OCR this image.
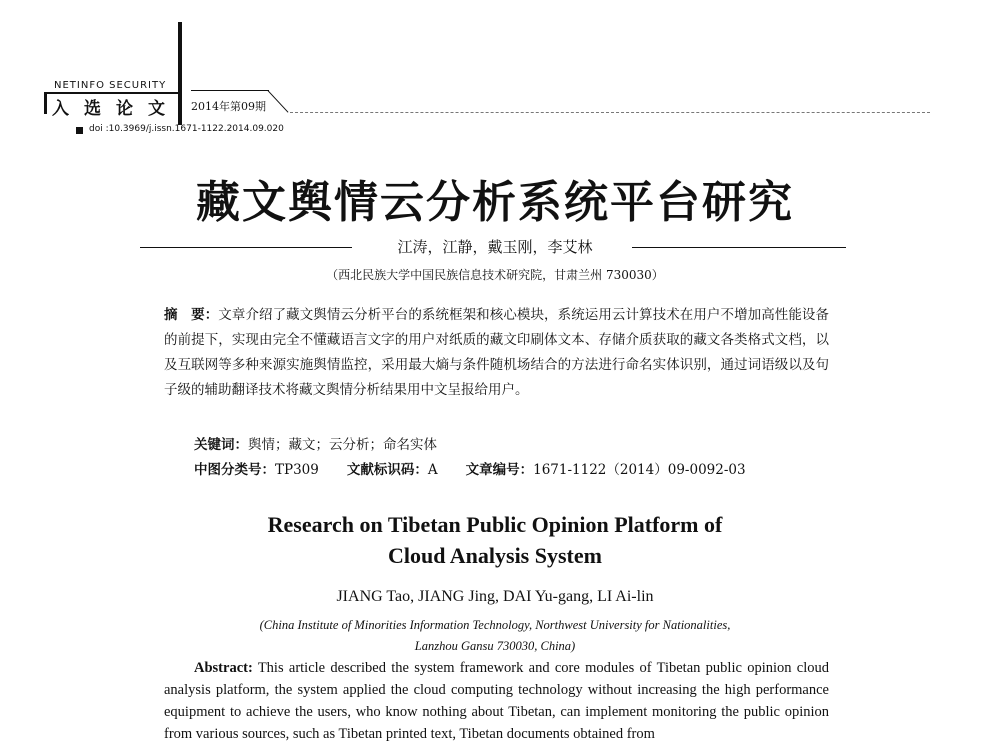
NETINFO SECURITY
入选论文 2014年第09期
doi :10.3969/j.issn.1671-1122.2014.09.020
藏文舆情云分析系统平台研究
江涛，江静，戴玉刚，李艾林
（西北民族大学中国民族信息技术研究院，甘肃兰州 730030）
摘　要：文章介绍了藏文舆情云分析平台的系统框架和核心模块，系统运用云计算技术在用户不增加高性能设备的前提下，实现由完全不懂藏语言文字的用户对纸质的藏文印刷体文本、存储介质获取的藏文各类格式文档，以及互联网等多种来源实施舆情监控，采用最大熵与条件随机场结合的方法进行命名实体识别，通过词语级以及句子级的辅助翻译技术将藏文舆情分析结果用中文呈报给用户。
关键词：舆情；藏文；云分析；命名实体
中图分类号：TP309 文献标识码：A 文章编号：1671-1122（2014）09-0092-03
Research on Tibetan Public Opinion Platform of
Cloud Analysis System
JIANG Tao, JIANG Jing, DAI Yu-gang, LI Ai-lin
(China Institute of Minorities Information Technology, Northwest University for Nationalities,
Lanzhou Gansu 730030, China)
Abstract: This article described the system framework and core modules of Tibetan public opinion cloud analysis platform, the system applied the cloud computing technology without increasing the high performance equipment to achieve the users, who know nothing about Tibetan, can implement monitoring the public opinion from various sources, such as Tibetan printed text, Tibetan documents obtained from
